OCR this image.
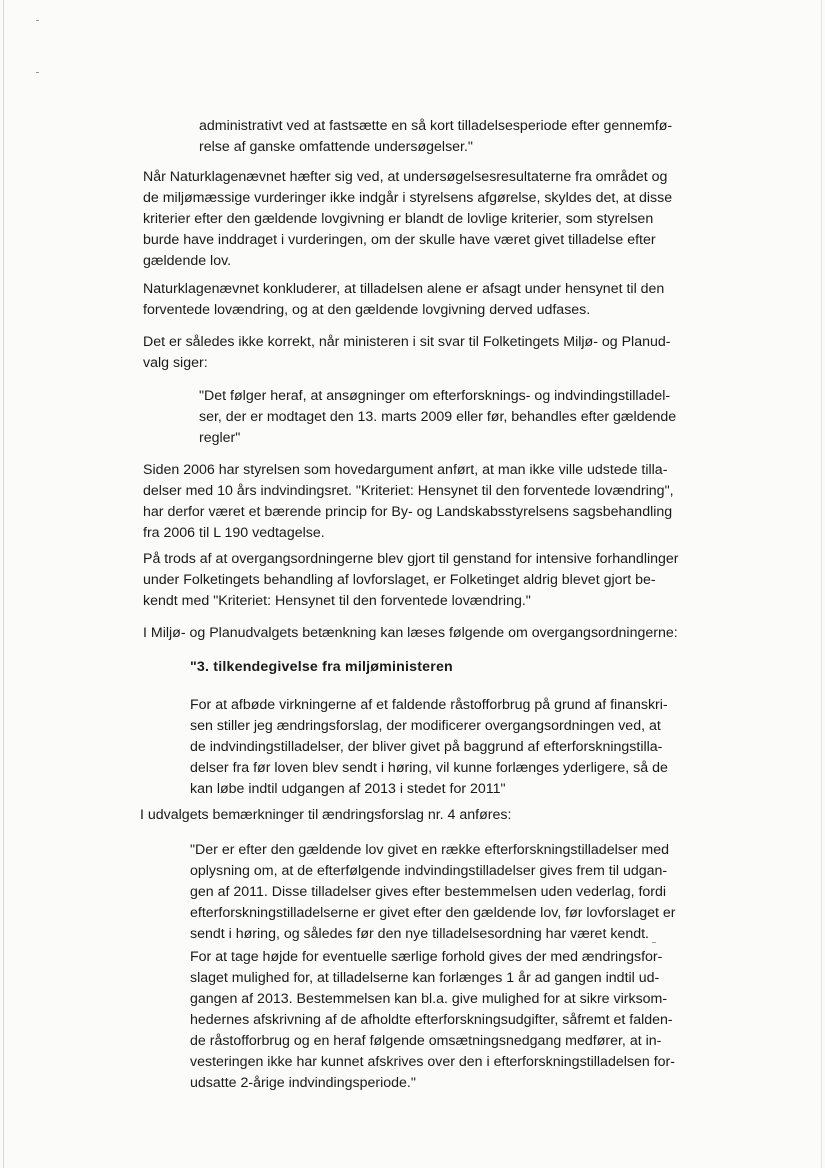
administrativt ved at fastsætte en så kort tilladelsesperiode efter gennemfø-
relse af ganske omfattende undersøgelser."
Når Naturklagenævnet hæfter sig ved, at undersøgelsesresultaterne fra området og
de miljømæssige vurderinger ikke indgår i styrelsens afgørelse, skyldes det, at disse
kriterier efter den gældende lovgivning er blandt de lovlige kriterier, som styrelsen
burde have inddraget i vurderingen, om der skulle have været givet tilladelse efter
gældende lov.
Naturklagenævnet konkluderer, at tilladelsen alene er afsagt under hensynet til den
forventede lovændring, og at den gældende lovgivning derved udfases.
Det er således ikke korrekt, når ministeren i sit svar til Folketingets Miljø- og Planud-
valg siger:
"Det følger heraf, at ansøgninger om efterforsknings- og indvindingstilladel-
ser, der er modtaget den 13. marts 2009 eller før, behandles efter gældende
regler"
Siden 2006 har styrelsen som hovedargument anført, at man ikke ville udstede tilla-
delser med 10 års indvindingsret. "Kriteriet: Hensynet til den forventede lovændring",
har derfor været et bærende princip for By- og Landskabsstyrelsens sagsbehandling
fra 2006 til L 190 vedtagelse.
På trods af at overgangsordningerne blev gjort til genstand for intensive forhandlinger
under Folketingets behandling af lovforslaget, er Folketinget aldrig blevet gjort be-
kendt med "Kriteriet: Hensynet til den forventede lovændring."
I Miljø- og Planudvalgets betænkning kan læses følgende om overgangsordningerne:
"3. tilkendegivelse fra miljøministeren
For at afbøde virkningerne af et faldende råstofforbrug på grund af finanskri-
sen stiller jeg ændringsforslag, der modificerer overgangsordningen ved, at
de indvindingstilladelser, der bliver givet på baggrund af efterforskningstilla-
delser fra før loven blev sendt i høring, vil kunne forlænges yderligere, så de
kan løbe indtil udgangen af 2013 i stedet for 2011"
I udvalgets bemærkninger til ændringsforslag nr. 4 anføres:
"Der er efter den gældende lov givet en række efterforskningstilladelser med
oplysning om, at de efterfølgende indvindingstilladelser gives frem til udgan-
gen af 2011. Disse tilladelser gives efter bestemmelsen uden vederlag, fordi
efterforskningstilladelserne er givet efter den gældende lov, før lovforslaget er
sendt i høring, og således før den nye tilladelsesordning har været kendt.
For at tage højde for eventuelle særlige forhold gives der med ændringsfor-
slaget mulighed for, at tilladelserne kan forlænges 1 år ad gangen indtil ud-
gangen af 2013. Bestemmelsen kan bl.a. give mulighed for at sikre virksom-
hedernes afskrivning af de afholdte efterforskningsudgifter, såfremt et falden-
de råstofforbrug og en heraf følgende omsætningsnedgang medfører, at in-
vesteringen ikke har kunnet afskrives over den i efterforskningstilladelsen for-
udsatte 2-årige indvindingsperiode."
